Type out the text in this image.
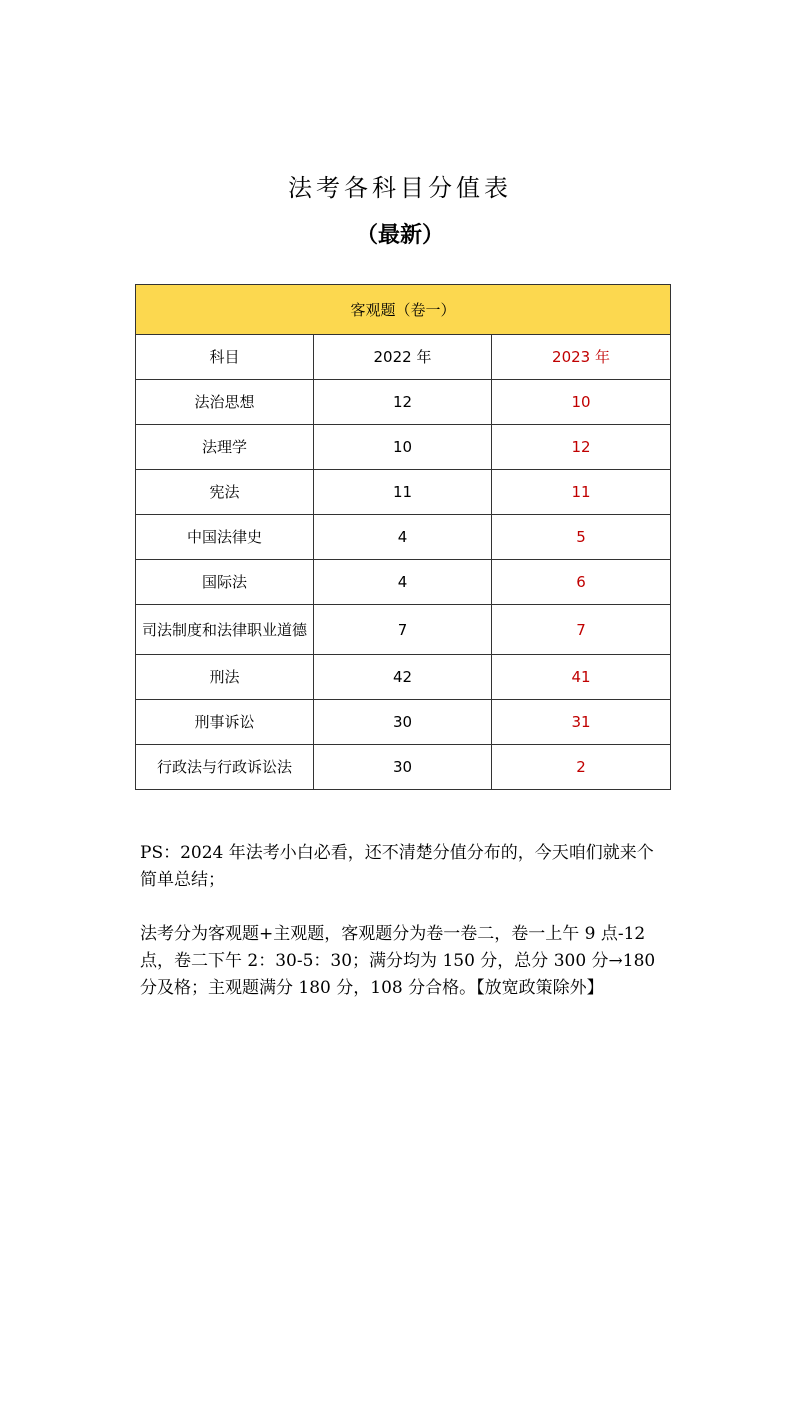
法考各科目分值表
（最新）
客观题（卷一）		
科目	2022 年	2023 年
法治思想	12	10
法理学	10	12
宪法	11	11
中国法律史	4	5
国际法	4	6
司法制度和法律职业道德	7	7
刑法	42	41
刑事诉讼	30	31
行政法与行政诉讼法	30	2

PS：2024 年法考小白必看，还不清楚分值分布的，今天咱们就来个简单总结；

法考分为客观题+主观题，客观题分为卷一卷二，卷一上午 9 点-12 点，卷二下午 2：30-5：30；满分均为 150 分，总分 300 分→180 分及格；主观题满分 180 分，108 分合格。【放宽政策除外】
